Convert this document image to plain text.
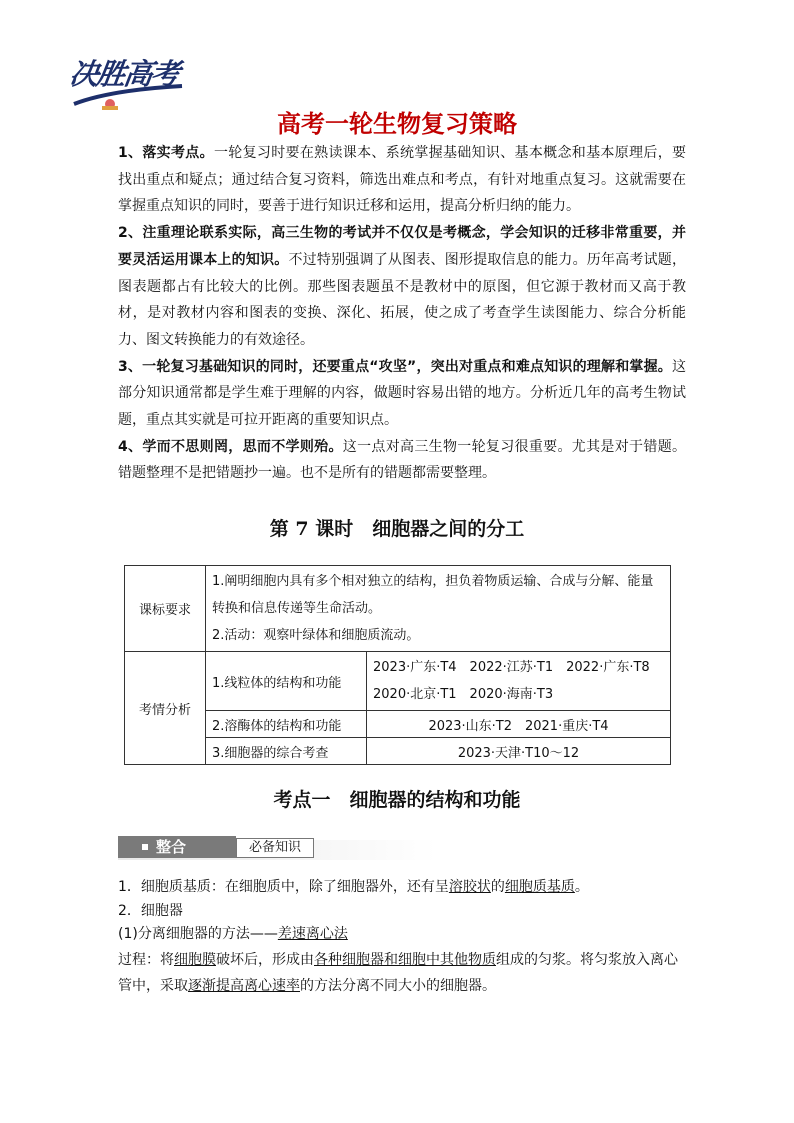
决胜高考
高考一轮生物复习策略
1、落实考点。一轮复习时要在熟读课本、系统掌握基础知识、基本概念和基本原理后，要找出重点和疑点；通过结合复习资料，筛选出难点和考点，有针对地重点复习。这就需要在掌握重点知识的同时，要善于进行知识迁移和运用，提高分析归纳的能力。
2、注重理论联系实际，高三生物的考试并不仅仅是考概念，学会知识的迁移非常重要，并要灵活运用课本上的知识。不过特别强调了从图表、图形提取信息的能力。历年高考试题，图表题都占有比较大的比例。那些图表题虽不是教材中的原图，但它源于教材而又高于教材，是对教材内容和图表的变换、深化、拓展，使之成了考查学生读图能力、综合分析能力、图文转换能力的有效途径。
3、一轮复习基础知识的同时，还要重点“攻坚”，突出对重点和难点知识的理解和掌握。这部分知识通常都是学生难于理解的内容，做题时容易出错的地方。分析近几年的高考生物试题，重点其实就是可拉开距离的重要知识点。
4、学而不思则罔，思而不学则殆。这一点对高三生物一轮复习很重要。尤其是对于错题。错题整理不是把错题抄一遍。也不是所有的错题都需要整理。
第 7 课时　细胞器之间的分工
课标要求	1.阐明细胞内具有多个相对独立的结构，担负着物质运输、合成与分解、能量转换和信息传递等生命活动。
2.活动：观察叶绿体和细胞质流动。	

考情分析	1.线粒体的结构和功能	2023·广东·T4　2022·江苏·T1　2022·广东·T8
2020·北京·T1　2020·海南·T3

	2.溶酶体的结构和功能	2023·山东·T2　2021·重庆·T4
	3.细胞器的综合考查	2023·天津·T10～12
考点一　细胞器的结构和功能
整合	必备知识
1．细胞质基质：在细胞质中，除了细胞器外，还有呈溶胶状的细胞质基质。
2．细胞器
(1)分离细胞器的方法——差速离心法
过程：将细胞膜破坏后，形成由各种细胞器和细胞中其他物质组成的匀浆。将匀浆放入离心管中，采取逐渐提高离心速率的方法分离不同大小的细胞器。
